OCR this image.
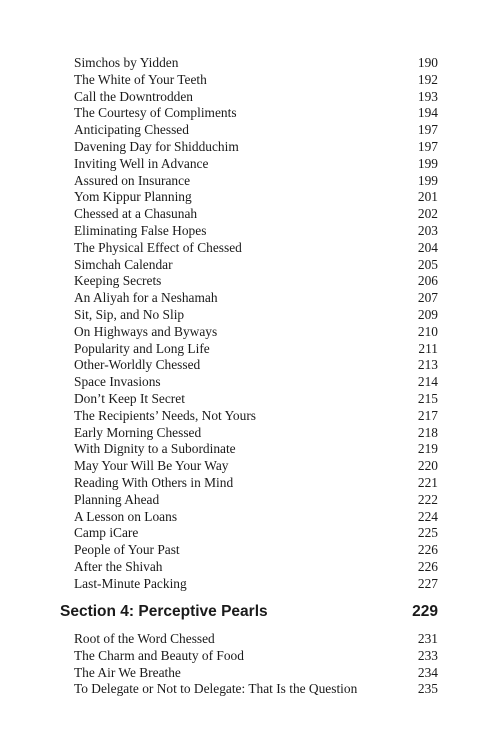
Simchos by Yidden	190
The White of Your Teeth	192
Call the Downtrodden	193
The Courtesy of Compliments	194
Anticipating Chessed	197
Davening Day for Shidduchim	197
Inviting Well in Advance	199
Assured on Insurance	199
Yom Kippur Planning	201
Chessed at a Chasunah	202
Eliminating False Hopes	203
The Physical Effect of Chessed	204
Simchah Calendar	205
Keeping Secrets	206
An Aliyah for a Neshamah	207
Sit, Sip, and No Slip	209
On Highways and Byways	210
Popularity and Long Life	211
Other-Worldly Chessed	213
Space Invasions	214
Don’t Keep It Secret	215
The Recipients’ Needs, Not Yours	217
Early Morning Chessed	218
With Dignity to a Subordinate	219
May Your Will Be Your Way	220
Reading With Others in Mind	221
Planning Ahead	222
A Lesson on Loans	224
Camp iCare	225
People of Your Past	226
After the Shivah	226
Last-Minute Packing	227
Section 4: Perceptive Pearls	229
Root of the Word Chessed	231
The Charm and Beauty of Food	233
The Air We Breathe	234
To Delegate or Not to Delegate: That Is the Question	235
